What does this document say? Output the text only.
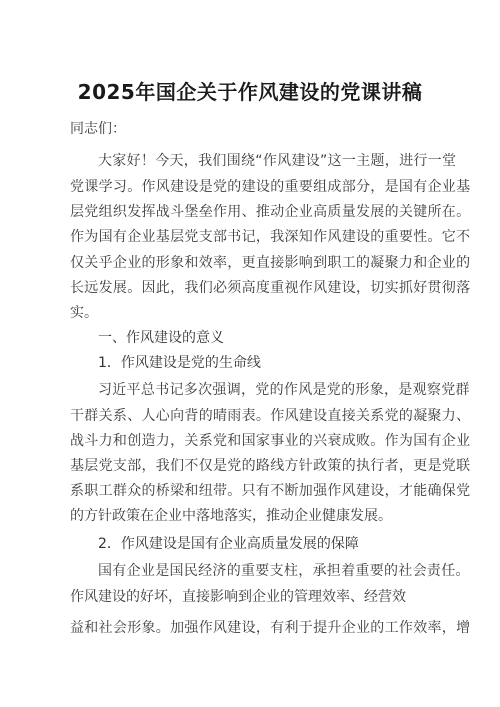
2025年国企关于作风建设的党课讲稿
同志们：
大家好！今天，我们围绕“作风建设”这一主题，进行一堂
党课学习。作风建设是党的建设的重要组成部分，是国有企业基
层党组织发挥战斗堡垒作用、推动企业高质量发展的关键所在。
作为国有企业基层党支部书记，我深知作风建设的重要性。它不
仅关乎企业的形象和效率，更直接影响到职工的凝聚力和企业的
长远发展。因此，我们必须高度重视作风建设，切实抓好贯彻落
实。
一、作风建设的意义
1．作风建设是党的生命线
习近平总书记多次强调，党的作风是党的形象，是观察党群
干群关系、人心向背的晴雨表。作风建设直接关系党的凝聚力、
战斗力和创造力，关系党和国家事业的兴衰成败。作为国有企业
基层党支部，我们不仅是党的路线方针政策的执行者，更是党联
系职工群众的桥梁和纽带。只有不断加强作风建设，才能确保党
的方针政策在企业中落地落实，推动企业健康发展。
2．作风建设是国有企业高质量发展的保障
国有企业是国民经济的重要支柱，承担着重要的社会责任。
作风建设的好坏，直接影响到企业的管理效率、经营效
益和社会形象。加强作风建设，有利于提升企业的工作效率，增
